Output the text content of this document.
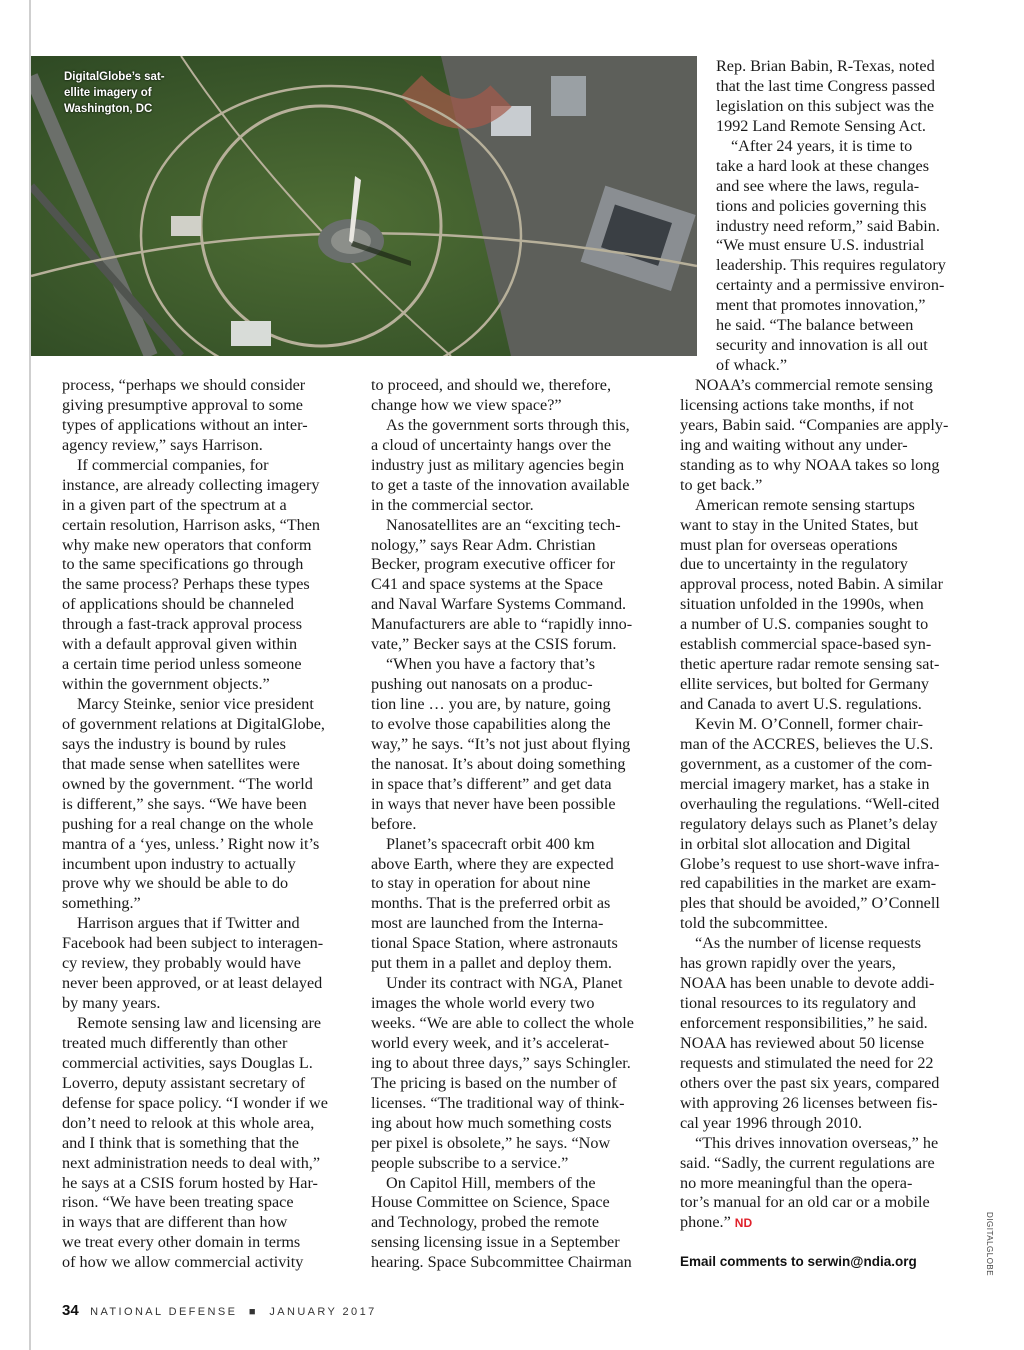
DigitalGlobe’s sat-ellite imagery of Washington, DC
process, “perhaps we should consider
giving presumptive approval to some
types of applications without an inter-
agency review,” says Harrison.
If commercial companies, for
instance, are already collecting imagery
in a given part of the spectrum at a
certain resolution, Harrison asks, “Then
why make new operators that conform
to the same specifications go through
the same process? Perhaps these types
of applications should be channeled
through a fast-track approval process
with a default approval given within
a certain time period unless someone
within the government objects.”
Marcy Steinke, senior vice president
of government relations at DigitalGlobe,
says the industry is bound by rules
that made sense when satellites were
owned by the government. “The world
is different,” she says. “We have been
pushing for a real change on the whole
mantra of a ‘yes, unless.’ Right now it’s
incumbent upon industry to actually
prove why we should be able to do
something.”
Harrison argues that if Twitter and
Facebook had been subject to interagen-
cy review, they probably would have
never been approved, or at least delayed
by many years.
Remote sensing law and licensing are
treated much differently than other
commercial activities, says Douglas L.
Loverro, deputy assistant secretary of
defense for space policy. “I wonder if we
don’t need to relook at this whole area,
and I think that is something that the
next administration needs to deal with,”
he says at a CSIS forum hosted by Har-
rison. “We have been treating space
in ways that are different than how
we treat every other domain in terms
of how we allow commercial activity
to proceed, and should we, therefore,
change how we view space?”
As the government sorts through this,
a cloud of uncertainty hangs over the
industry just as military agencies begin
to get a taste of the innovation available
in the commercial sector.
Nanosatellites are an “exciting tech-
nology,” says Rear Adm. Christian
Becker, program executive officer for
C41 and space systems at the Space
and Naval Warfare Systems Command.
Manufacturers are able to “rapidly inno-
vate,” Becker says at the CSIS forum.
“When you have a factory that’s
pushing out nanosats on a produc-
tion line … you are, by nature, going
to evolve those capabilities along the
way,” he says. “It’s not just about flying
the nanosat. It’s about doing something
in space that’s different” and get data
in ways that never have been possible
before.
Planet’s spacecraft orbit 400 km
above Earth, where they are expected
to stay in operation for about nine
months. That is the preferred orbit as
most are launched from the Interna-
tional Space Station, where astronauts
put them in a pallet and deploy them.
Under its contract with NGA, Planet
images the whole world every two
weeks. “We are able to collect the whole
world every week, and it’s accelerat-
ing to about three days,” says Schingler.
The pricing is based on the number of
licenses. “The traditional way of think-
ing about how much something costs
per pixel is obsolete,” he says. “Now
people subscribe to a service.”
On Capitol Hill, members of the
House Committee on Science, Space
and Technology, probed the remote
sensing licensing issue in a September
hearing. Space Subcommittee Chairman
Rep. Brian Babin, R-Texas, noted
that the last time Congress passed
legislation on this subject was the
1992 Land Remote Sensing Act.
“After 24 years, it is time to
take a hard look at these changes
and see where the laws, regula-
tions and policies governing this
industry need reform,” said Babin.
“We must ensure U.S. industrial
leadership. This requires regulatory
certainty and a permissive environ-
ment that promotes innovation,”
he said. “The balance between
security and innovation is all out
of whack.”
NOAA’s commercial remote sensing
licensing actions take months, if not
years, Babin said. “Companies are apply-
ing and waiting without any under-
standing as to why NOAA takes so long
to get back.”
American remote sensing startups
want to stay in the United States, but
must plan for overseas operations
due to uncertainty in the regulatory
approval process, noted Babin. A similar
situation unfolded in the 1990s, when
a number of U.S. companies sought to
establish commercial space-based syn-
thetic aperture radar remote sensing sat-
ellite services, but bolted for Germany
and Canada to avert U.S. regulations.
Kevin M. O’Connell, former chair-
man of the ACCRES, believes the U.S.
government, as a customer of the com-
mercial imagery market, has a stake in
overhauling the regulations. “Well-cited
regulatory delays such as Planet’s delay
in orbital slot allocation and Digital
Globe’s request to use short-wave infra-
red capabilities in the market are exam-
ples that should be avoided,” O’Connell
told the subcommittee.
“As the number of license requests
has grown rapidly over the years,
NOAA has been unable to devote addi-
tional resources to its regulatory and
enforcement responsibilities,” he said.
NOAA has reviewed about 50 license
requests and stimulated the need for 22
others over the past six years, compared
with approving 26 licenses between fis-
cal year 1996 through 2010.
“This drives innovation overseas,” he
said. “Sadly, the current regulations are
no more meaningful than the opera-
tor’s manual for an old car or a mobile
phone.” ND
Email comments to serwin@ndia.org	DIGITALGLOBE
34 NATIONAL DEFENSE ■ JANUARY 2017
